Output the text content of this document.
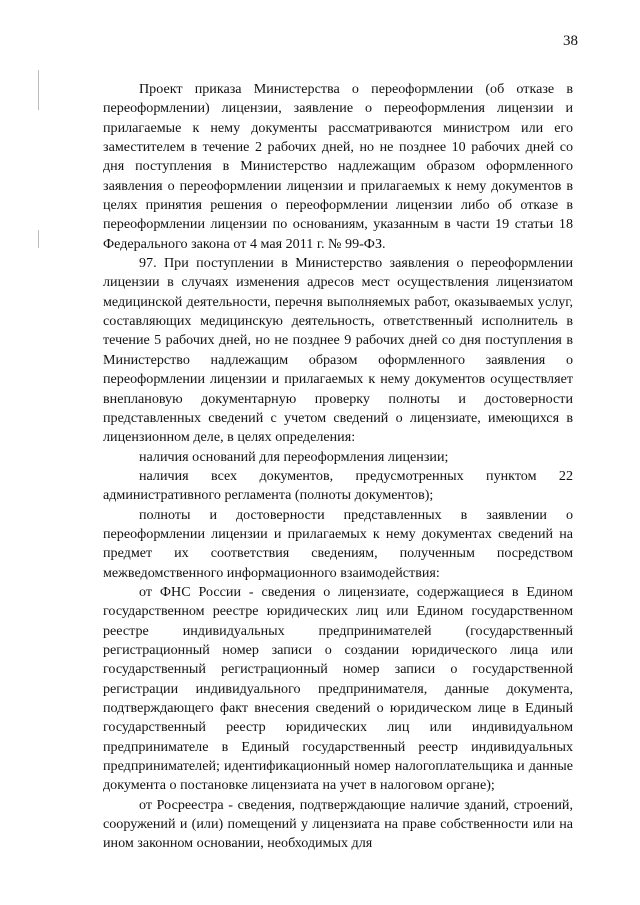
38

Проект приказа Министерства о переоформлении (об отказе в переоформлении) лицензии, заявление о переоформления лицензии и прилагаемые к нему документы рассматриваются министром или его заместителем в течение 2 рабочих дней, но не позднее 10 рабочих дней со дня поступления в Министерство надлежащим образом оформленного заявления о переоформлении лицензии и прилагаемых к нему документов в целях принятия решения о переоформлении лицензии либо об отказе в переоформлении лицензии по основаниям, указанным в части 19 статьи 18 Федерального закона от 4 мая 2011 г. № 99-ФЗ.

97. При поступлении в Министерство заявления о переоформлении лицензии в случаях изменения адресов мест осуществления лицензиатом медицинской деятельности, перечня выполняемых работ, оказываемых услуг, составляющих медицинскую деятельность, ответственный исполнитель в течение 5 рабочих дней, но не позднее 9 рабочих дней со дня поступления в Министерство надлежащим образом оформленного заявления о переоформлении лицензии и прилагаемых к нему документов осуществляет внеплановую документарную проверку полноты и достоверности представленных сведений с учетом сведений о лицензиате, имеющихся в лицензионном деле, в целях определения:

наличия оснований для переоформления лицензии;

наличия всех документов, предусмотренных пунктом 22 административного регламента (полноты документов);

полноты и достоверности представленных в заявлении о переоформлении лицензии и прилагаемых к нему документах сведений на предмет их соответствия сведениям, полученным посредством межведомственного информационного взаимодействия:

от ФНС России - сведения о лицензиате, содержащиеся в Едином государственном реестре юридических лиц или Едином государственном реестре индивидуальных предпринимателей (государственный регистрационный номер записи о создании юридического лица или государственный регистрационный номер записи о государственной регистрации индивидуального предпринимателя, данные документа, подтверждающего факт внесения сведений о юридическом лице в Единый государственный реестр юридических лиц или индивидуальном предпринимателе в Единый государственный реестр индивидуальных предпринимателей; идентификационный номер налогоплательщика и данные документа о постановке лицензиата на учет в налоговом органе);

от Росреестра - сведения, подтверждающие наличие зданий, строений, сооружений и (или) помещений у лицензиата на праве собственности или на ином законном основании, необходимых для
